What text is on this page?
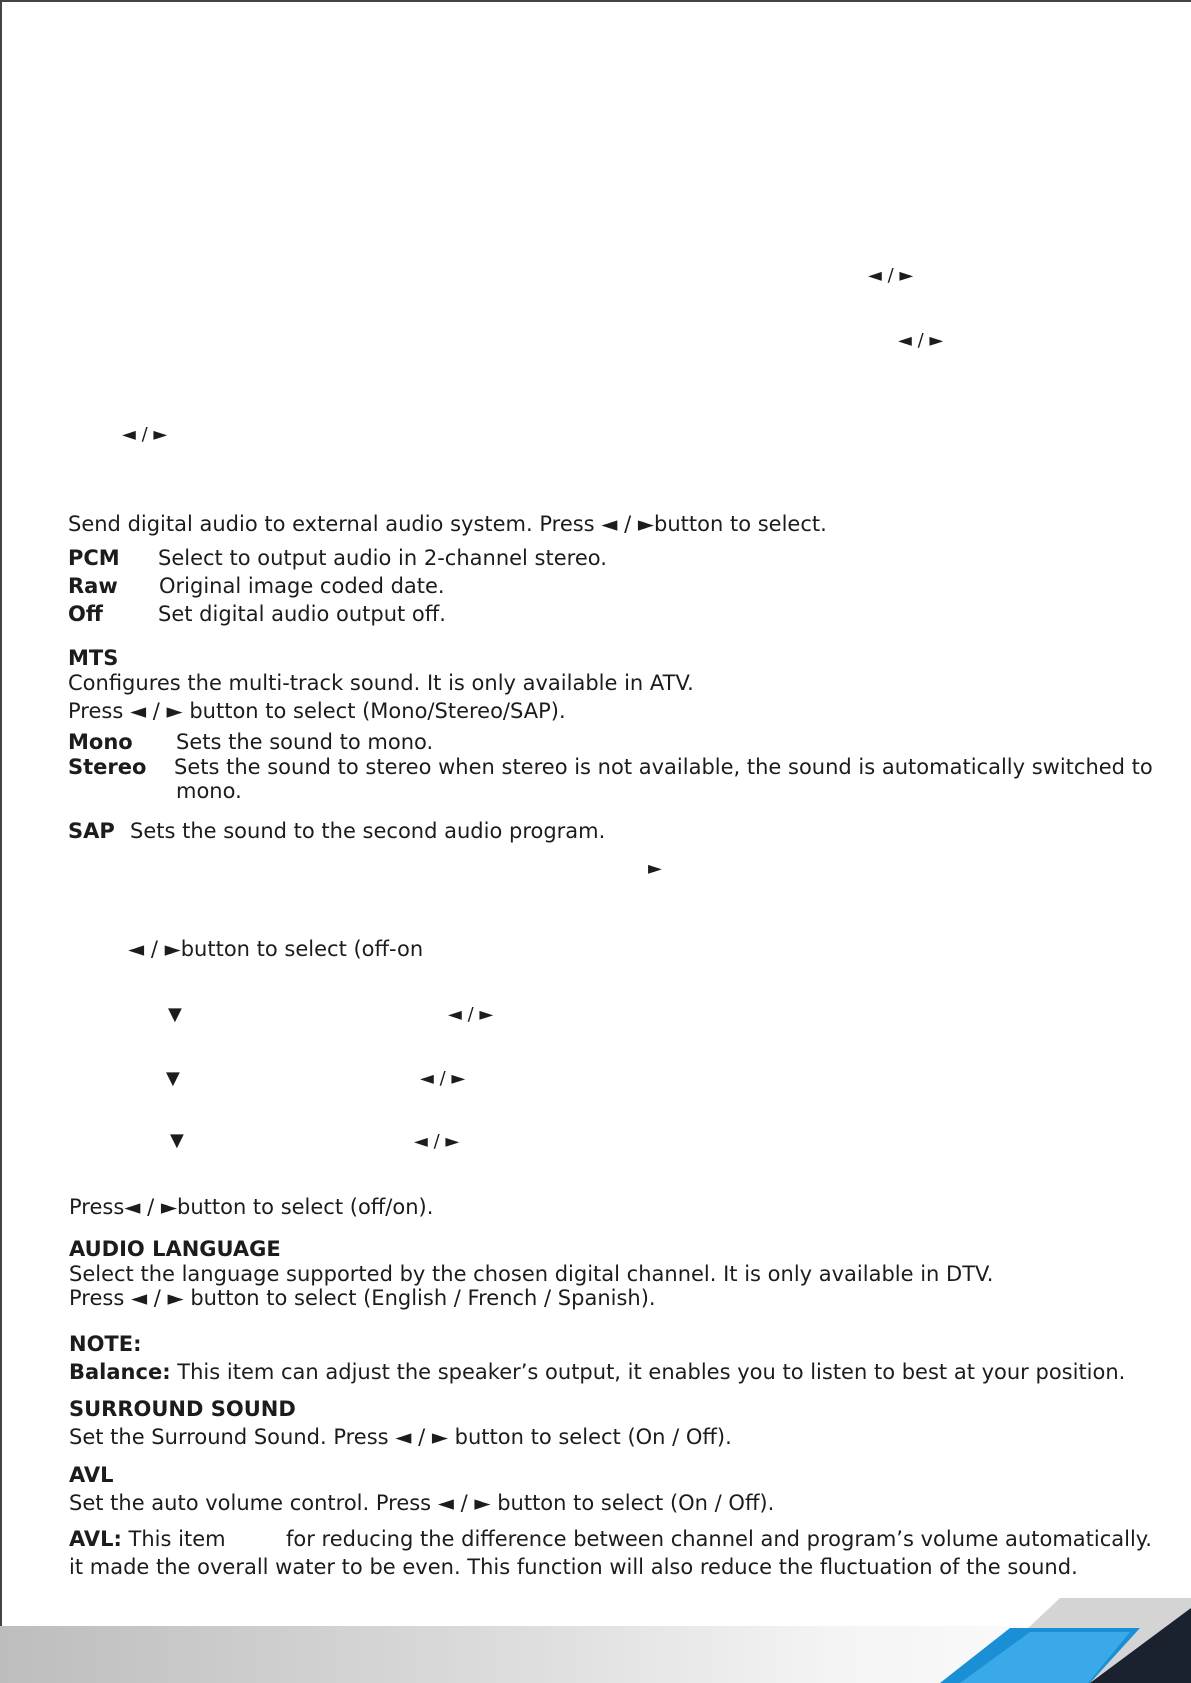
◄ / ►
◄ / ►
◄ / ►
Send digital audio to external audio system. Press ◄ / ►button to select.
PCM Select to output audio in 2-channel stereo.
Raw Original image coded date.
Off	Set digital audio output off.
MTS
Configures the multi-track sound. It is only available in ATV.
Press ◄ / ► button to select (Mono/Stereo/SAP).
Mono Sets the sound to mono.
Stereo Sets the sound to stereo when stereo is not available, the sound is automatically switched to
mono.
SAP Sets the sound to the second audio program.
►
◄ / ►button to select (off-on
▼	◄ / ►
▼	◄ / ►
▼	◄ / ►
Press◄ / ►button to select (off/on).
AUDIO LANGUAGE
Select the language supported by the chosen digital channel. It is only available in DTV.
Press ◄ / ► button to select (English / French / Spanish).
NOTE:
Balance: This item can adjust the speaker’s output, it enables you to listen to best at your position.
SURROUND SOUND
Set the Surround Sound. Press ◄ / ► button to select (On / Off).
AVL
Set the auto volume control. Press ◄ / ► button to select (On / Off).
AVL: This item	for reducing the difference between channel and program’s volume automatically.
it made the overall water to be even. This function will also reduce the fluctuation of the sound.
